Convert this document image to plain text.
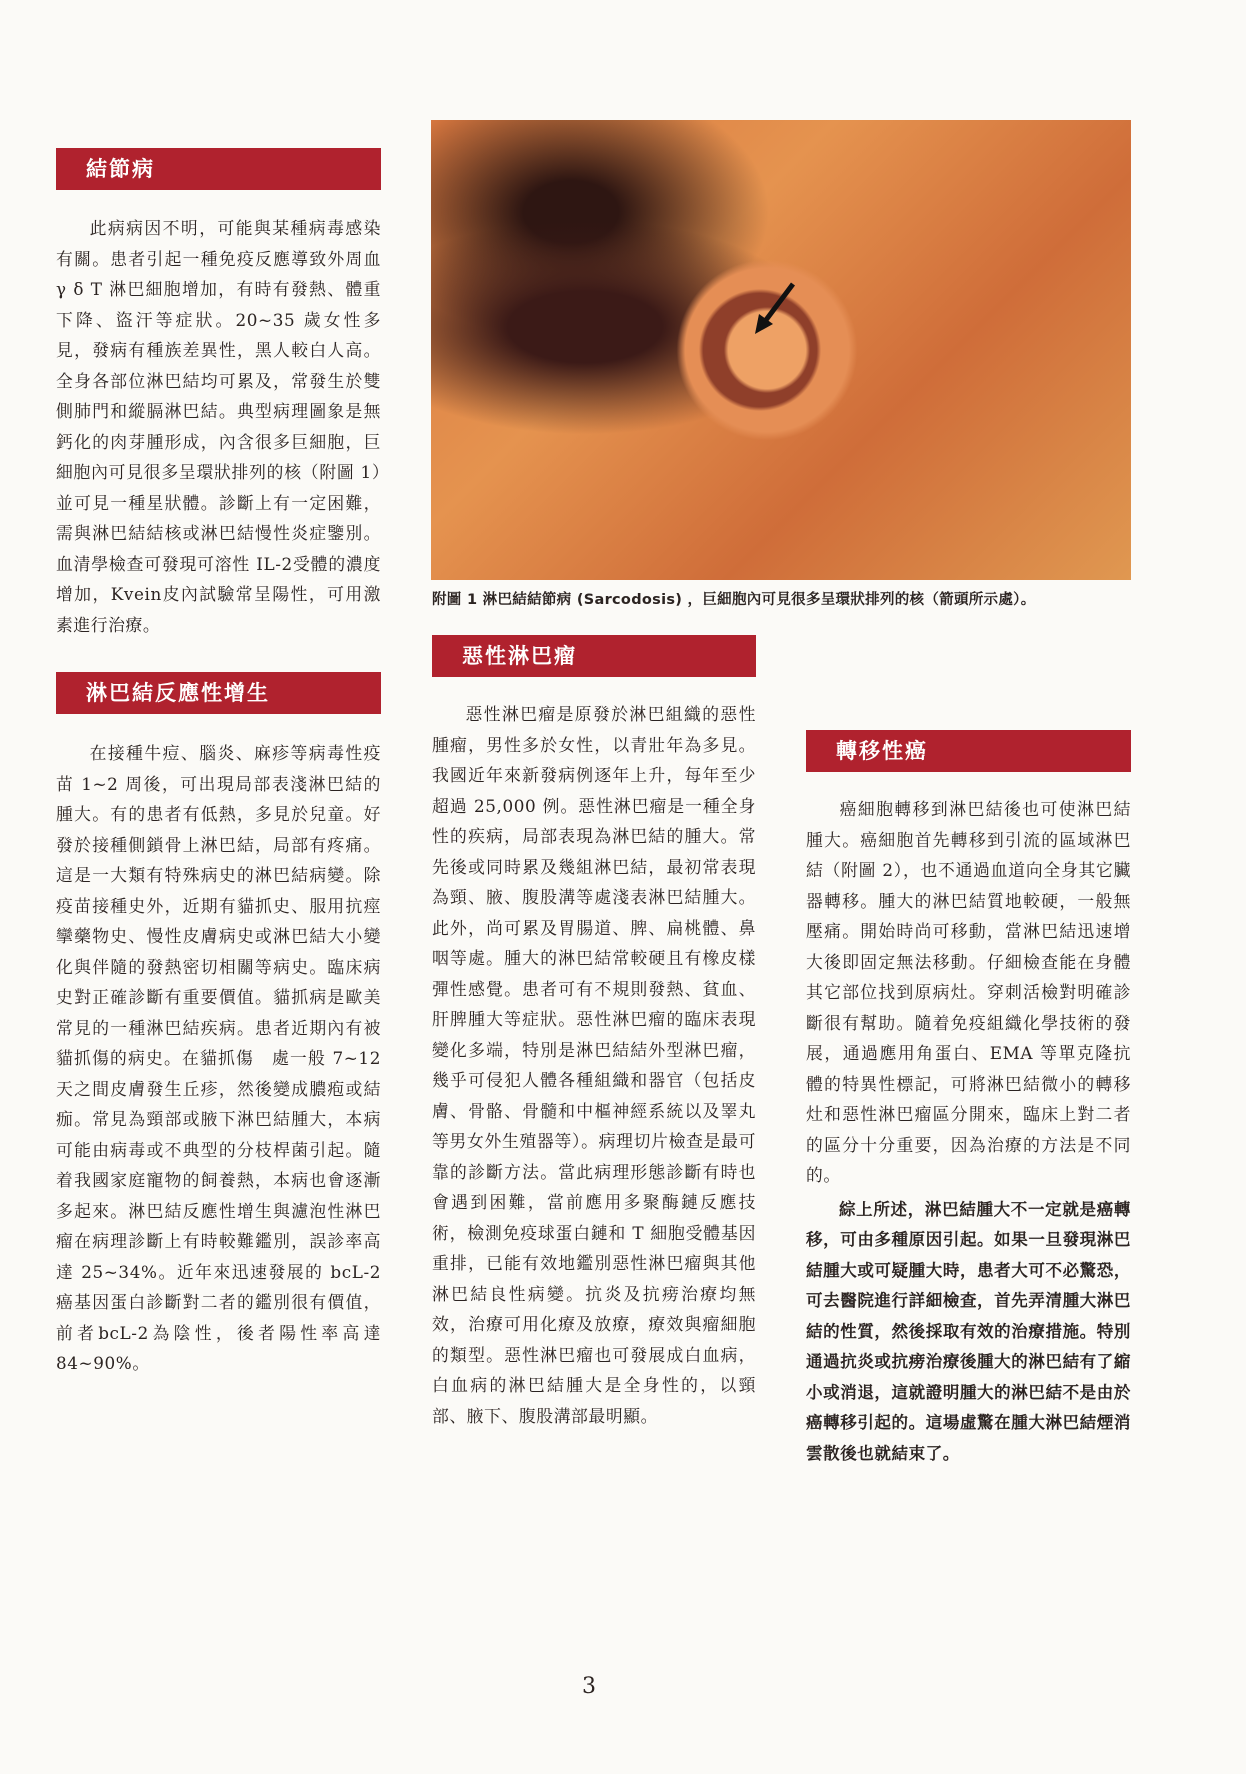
結節病

此病病因不明，可能與某種病毒感染有關。患者引起一種免疫反應導致外周血 γ δ T 淋巴細胞增加，有時有發熱、體重下降、盜汗等症狀。20~35 歲女性多見，發病有種族差異性，黑人較白人高。全身各部位淋巴結均可累及，常發生於雙側肺門和縱膈淋巴結。典型病理圖象是無鈣化的肉芽腫形成，內含很多巨細胞，巨細胞內可見很多呈環狀排列的核（附圖 1）並可見一種星狀體。診斷上有一定困難，需與淋巴結結核或淋巴結慢性炎症鑒別。血清學檢查可發現可溶性 IL-2受體的濃度增加，Kvein皮內試驗常呈陽性，可用激素進行治療。

淋巴結反應性增生

在接種牛痘、腦炎、麻疹等病毒性疫苗 1~2 周後，可出現局部表淺淋巴結的腫大。有的患者有低熱，多見於兒童。好發於接種側鎖骨上淋巴結，局部有疼痛。這是一大類有特殊病史的淋巴結病變。除疫苗接種史外，近期有貓抓史、服用抗痙攣藥物史、慢性皮膚病史或淋巴結大小變化與伴隨的發熱密切相關等病史。臨床病史對正確診斷有重要價值。貓抓病是歐美常見的一種淋巴結疾病。患者近期內有被貓抓傷的病史。在貓抓傷　處一般 7~12 天之間皮膚發生丘疹，然後變成膿疱或結痂。常見為頸部或腋下淋巴結腫大，本病可能由病毒或不典型的分枝桿菌引起。隨着我國家庭寵物的飼養熱，本病也會逐漸多起來。淋巴結反應性增生與濾泡性淋巴瘤在病理診斷上有時較難鑑別，誤診率高達 25~34%。近年來迅速發展的 bcL-2癌基因蛋白診斷對二者的鑑別很有價值，前者bcL-2為陰性，後者陽性率高達 84~90%。

附圖 1 淋巴結結節病 (Sarcodosis) ，巨細胞內可見很多呈環狀排列的核（箭頭所示處）。
惡性淋巴瘤

惡性淋巴瘤是原發於淋巴組織的惡性腫瘤，男性多於女性，以青壯年為多見。我國近年來新發病例逐年上升，每年至少超過 25,000 例。惡性淋巴瘤是一種全身性的疾病，局部表現為淋巴結的腫大。常先後或同時累及幾組淋巴結，最初常表現為頸、腋、腹股溝等處淺表淋巴結腫大。此外，尚可累及胃腸道、脾、扁桃體、鼻咽等處。腫大的淋巴結常較硬且有橡皮樣彈性感覺。患者可有不規則發熱、貧血、肝脾腫大等症狀。惡性淋巴瘤的臨床表現變化多端，特別是淋巴結結外型淋巴瘤，幾乎可侵犯人體各種組織和器官（包括皮膚、骨骼、骨髓和中樞神經系統以及睪丸等男女外生殖器等）。病理切片檢查是最可靠的診斷方法。當此病理形態診斷有時也會遇到困難，當前應用多聚酶鏈反應技術，檢測免疫球蛋白鏈和 T 細胞受體基因重排，已能有效地鑑別惡性淋巴瘤與其他淋巴結良性病變。抗炎及抗痨治療均無效，治療可用化療及放療，療效與瘤細胞的類型。惡性淋巴瘤也可發展成白血病，白血病的淋巴結腫大是全身性的，以頸部、腋下、腹股溝部最明顯。

轉移性癌

癌細胞轉移到淋巴結後也可使淋巴結腫大。癌細胞首先轉移到引流的區域淋巴結（附圖 2），也不通過血道向全身其它臟器轉移。腫大的淋巴結質地較硬，一般無壓痛。開始時尚可移動，當淋巴結迅速增大後即固定無法移動。仔細檢查能在身體其它部位找到原病灶。穿刺活檢對明確診斷很有幫助。隨着免疫組織化學技術的發展，通過應用角蛋白、EMA 等單克隆抗體的特異性標記，可將淋巴結微小的轉移灶和惡性淋巴瘤區分開來，臨床上對二者的區分十分重要，因為治療的方法是不同的。

綜上所述，淋巴結腫大不一定就是癌轉移，可由多種原因引起。如果一旦發現淋巴結腫大或可疑腫大時，患者大可不必驚恐，可去醫院進行詳細檢查，首先弄清腫大淋巴結的性質，然後採取有效的治療措施。特別通過抗炎或抗痨治療後腫大的淋巴結有了縮小或消退，這就證明腫大的淋巴結不是由於癌轉移引起的。這場虛驚在腫大淋巴結煙消雲散後也就結束了。

3
